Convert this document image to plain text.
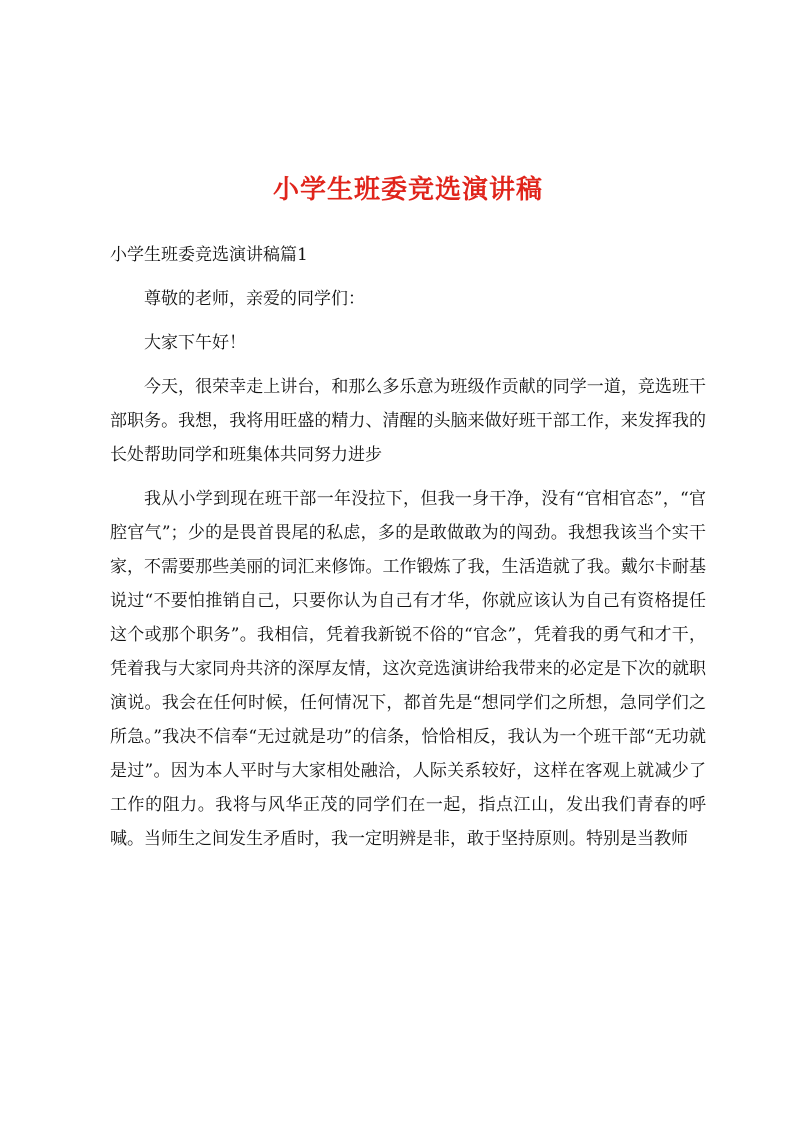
小学生班委竞选演讲稿

小学生班委竞选演讲稿篇1

尊敬的老师，亲爱的同学们：

大家下午好！

今天，很荣幸走上讲台，和那么多乐意为班级作贡献的同学一道，竞选班干部职务。我想，我将用旺盛的精力、清醒的头脑来做好班干部工作，来发挥我的长处帮助同学和班集体共同努力进步

我从小学到现在班干部一年没拉下，但我一身干净，没有“官相官态”，“官腔官气”；少的是畏首畏尾的私虑，多的是敢做敢为的闯劲。我想我该当个实干家，不需要那些美丽的词汇来修饰。工作锻炼了我，生活造就了我。戴尔卡耐基说过“不要怕推销自己，只要你认为自己有才华，你就应该认为自己有资格提任这个或那个职务”。我相信，凭着我新锐不俗的“官念”，凭着我的勇气和才干，凭着我与大家同舟共济的深厚友情，这次竞选演讲给我带来的必定是下次的就职演说。我会在任何时候，任何情况下，都首先是“想同学们之所想，急同学们之所急。”我决不信奉“无过就是功”的信条，恰恰相反，我认为一个班干部“无功就是过”。因为本人平时与大家相处融洽，人际关系较好，这样在客观上就减少了工作的阻力。我将与风华正茂的同学们在一起，指点江山，发出我们青春的呼喊。当师生之间发生矛盾时，我一定明辨是非，敢于坚持原则。特别是当教师
